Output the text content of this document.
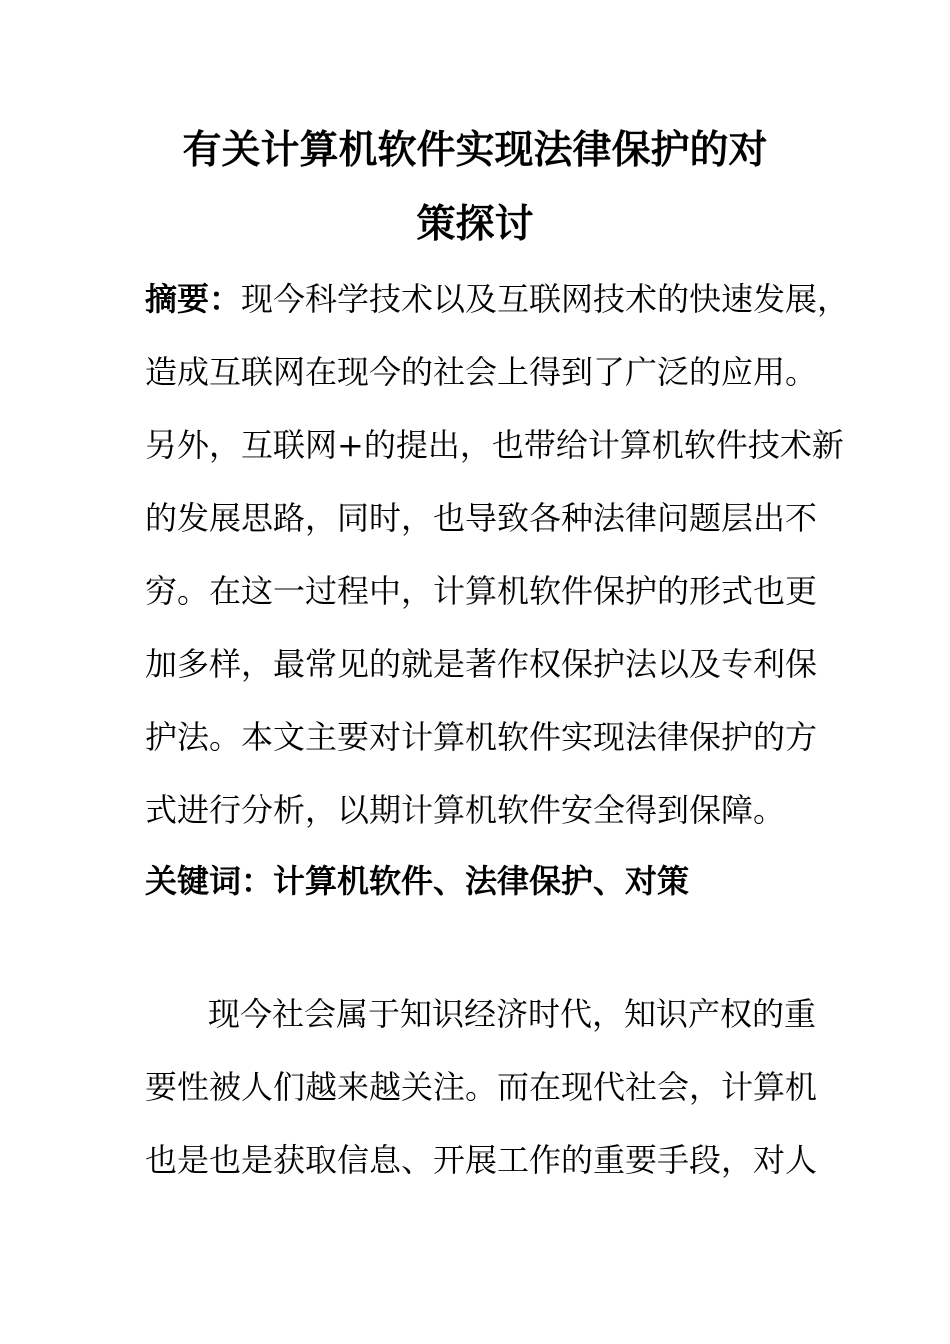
有关计算机软件实现法律保护的对
策探讨

摘要：现今科学技术以及互联网技术的快速发展，

造成互联网在现今的社会上得到了广泛的应用。

另外，互联网+的提出，也带给计算机软件技术新

的发展思路，同时，也导致各种法律问题层出不

穷。在这一过程中，计算机软件保护的形式也更

加多样，最常见的就是著作权保护法以及专利保

护法。本文主要对计算机软件实现法律保护的方

式进行分析，以期计算机软件安全得到保障。

关键词：计算机软件、法律保护、对策

现今社会属于知识经济时代，知识产权的重

要性被人们越来越关注。而在现代社会，计算机

也是也是获取信息、开展工作的重要手段，对人
